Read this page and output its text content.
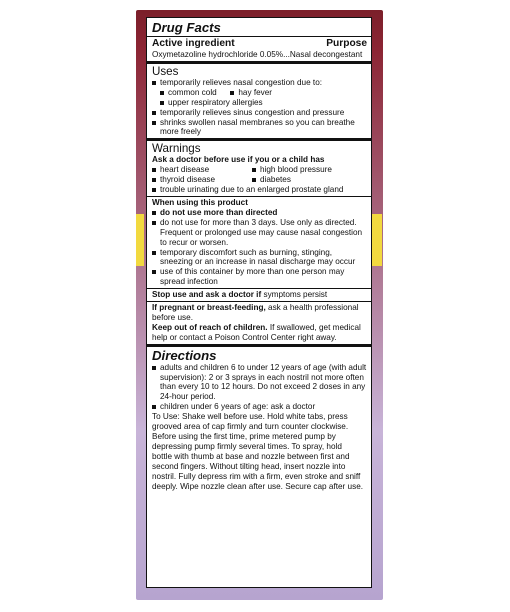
Drug Facts
Active ingredient	Purpose
Oxymetazoline hydrochloride 0.05%...Nasal decongestant
Uses
temporarily relieves nasal congestion due to:
common cold	hay fever
upper respiratory allergies
temporarily relieves sinus congestion and pressure
shrinks swollen nasal membranes so you can breathe
more freely
Warnings
Ask a doctor before use if you or a child has
heart disease	high blood pressure
thyroid disease	diabetes
trouble urinating due to an enlarged prostate gland
When using this product
do not use more than directed
do not use for more than 3 days. Use only as directed.
Frequent or prolonged use may cause nasal congestion
to recur or worsen.
temporary discomfort such as burning, stinging,
sneezing or an increase in nasal discharge may occur
use of this container by more than one person may
spread infection
Stop use and ask a doctor if symptoms persist
If pregnant or breast-feeding, ask a health professional
before use.
Keep out of reach of children. If swallowed, get medical
help or contact a Poison Control Center right away.
Directions
adults and children 6 to under 12 years of age (with adult
supervision): 2 or 3 sprays in each nostril not more often
than every 10 to 12 hours. Do not exceed 2 doses in any
24-hour period.
children under 6 years of age: ask a doctor
To Use: Shake well before use. Hold white tabs, press
grooved area of cap firmly and turn counter clockwise.
Before using the first time, prime metered pump by
depressing pump firmly several times. To spray, hold
bottle with thumb at base and nozzle between first and
second fingers. Without tilting head, insert nozzle into
nostril. Fully depress rim with a firm, even stroke and sniff
deeply. Wipe nozzle clean after use. Secure cap after use.
